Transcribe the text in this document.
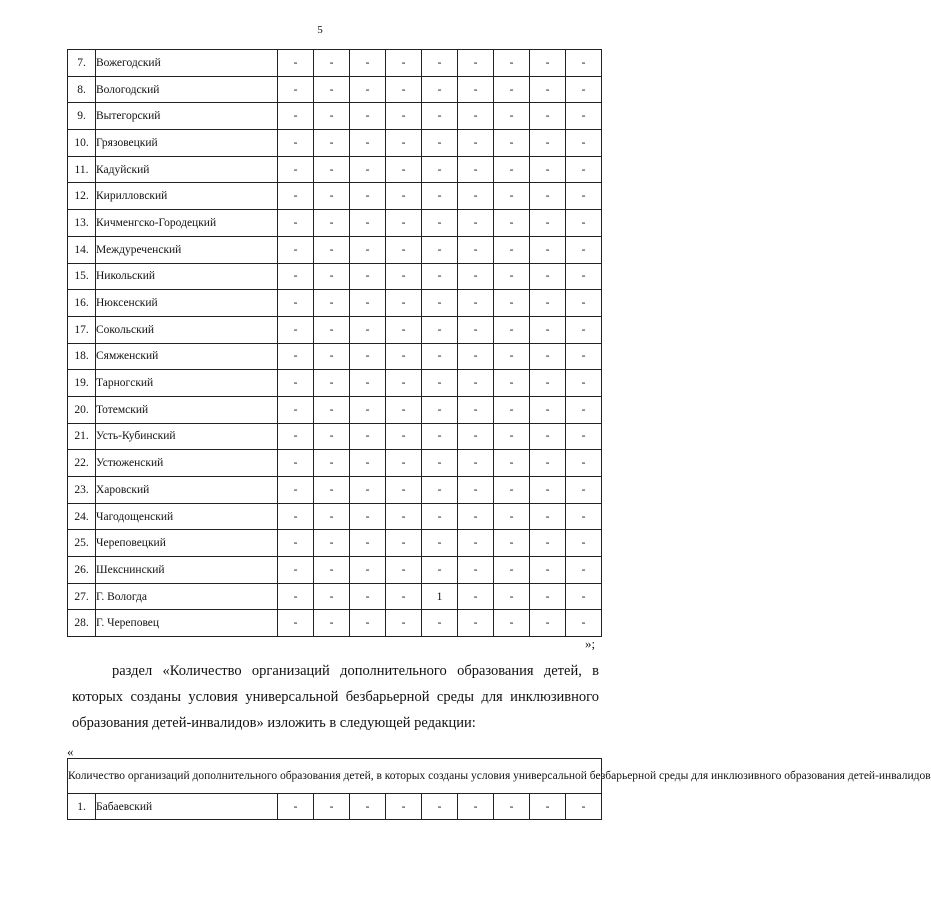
5
7.	Вожегодский	-	-	-	-	-	-	-	-	-
8.	Вологодский	-	-	-	-	-	-	-	-	-
9.	Вытегорский	-	-	-	-	-	-	-	-	-
10.	Грязовецкий	-	-	-	-	-	-	-	-	-
11.	Кадуйский	-	-	-	-	-	-	-	-	-
12.	Кирилловский	-	-	-	-	-	-	-	-	-
13.	Кичменгско-Городецкий	-	-	-	-	-	-	-	-	-
14.	Междуреченский	-	-	-	-	-	-	-	-	-
15.	Никольский	-	-	-	-	-	-	-	-	-
16.	Нюксенский	-	-	-	-	-	-	-	-	-
17.	Сокольский	-	-	-	-	-	-	-	-	-
18.	Сямженский	-	-	-	-	-	-	-	-	-
19.	Тарногский	-	-	-	-	-	-	-	-	-
20.	Тотемский	-	-	-	-	-	-	-	-	-
21.	Усть-Кубинский	-	-	-	-	-	-	-	-	-
22.	Устюженский	-	-	-	-	-	-	-	-	-
23.	Харовский	-	-	-	-	-	-	-	-	-
24.	Чагодощенский	-	-	-	-	-	-	-	-	-
25.	Череповецкий	-	-	-	-	-	-	-	-	-
26.	Шекснинский	-	-	-	-	-	-	-	-	-
27.	Г. Вологда	-	-	-	-	1	-	-	-	-
28.	Г. Череповец	-	-	-	-	-	-	-	-	-
»;
раздел «Количество организаций дополнительного образования детей, в которых созданы условия универсальной безбарьерной среды для инклюзивного образования детей-инвалидов» изложить в следующей редакции:
«
Количество организаций дополнительного образования детей, в которых созданы условия универсальной безбарьерной среды для инклюзивного образования детей-инвалидов
1.	Бабаевский	-	-	-	-	-	-	-	-	-
